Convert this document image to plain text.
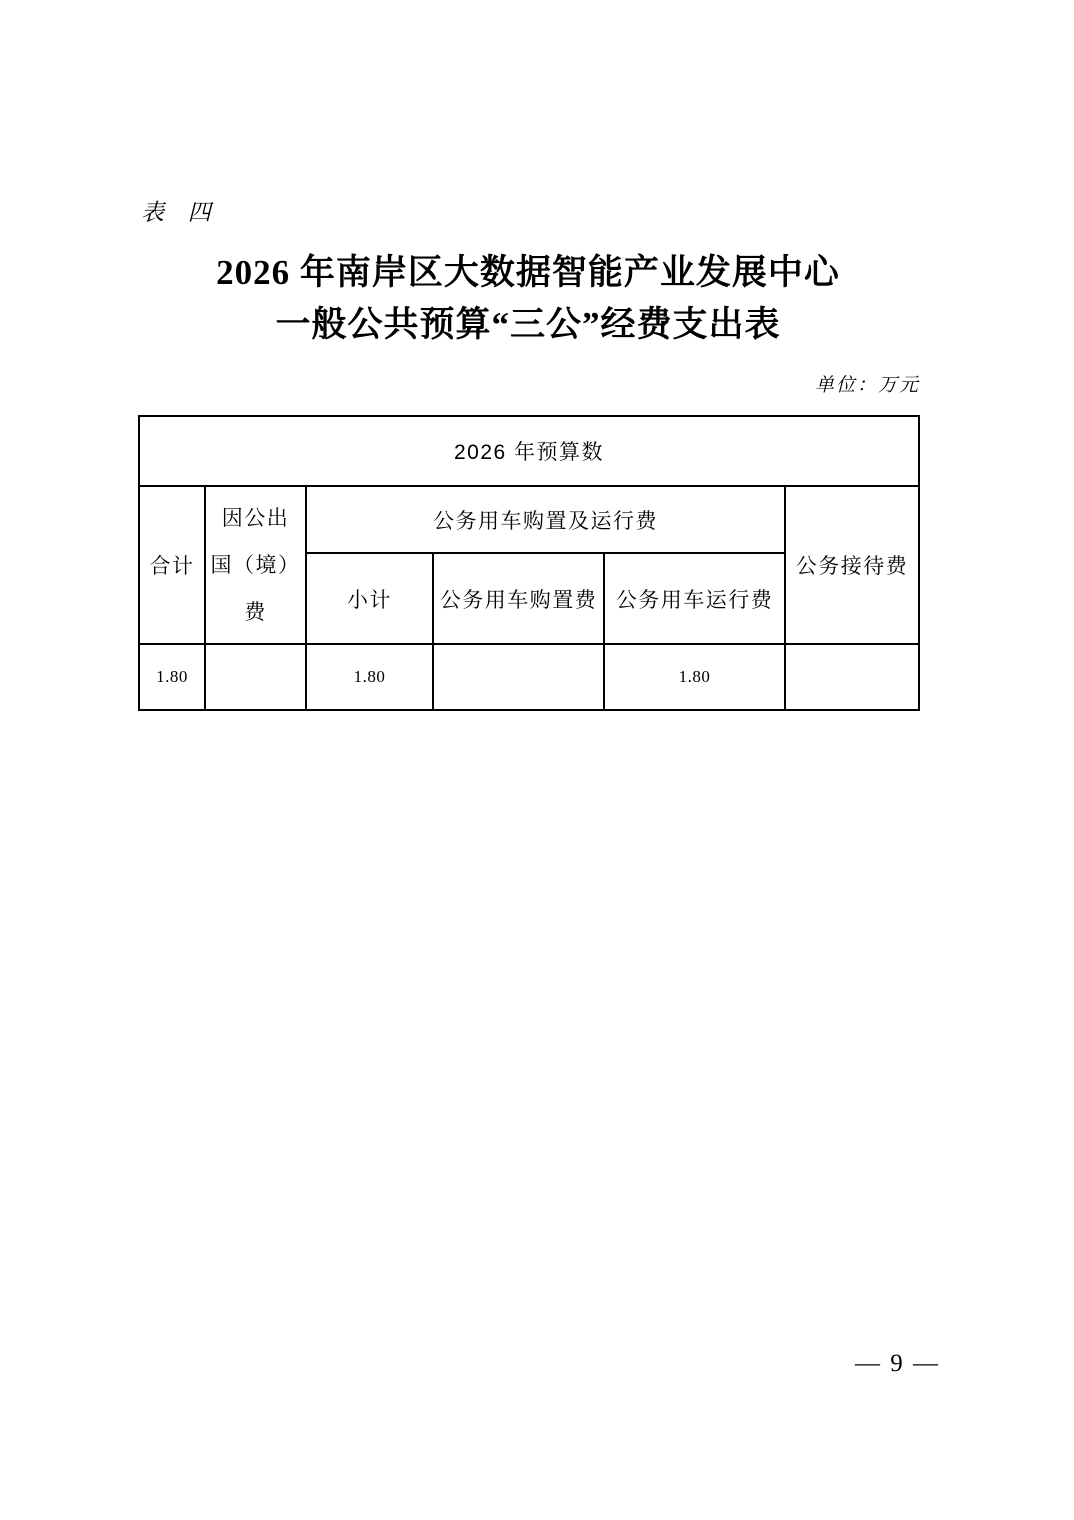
表 四
2026 年南岸区大数据智能产业发展中心
一般公共预算“三公”经费支出表
单位：万元
2026 年预算数					
合计	因公出
国（境）
费	公务用车购置及运行费			公务接待费
		小计	公务用车购置费	公务用车运行费	
1.80		1.80		1.80	
— 9 —
